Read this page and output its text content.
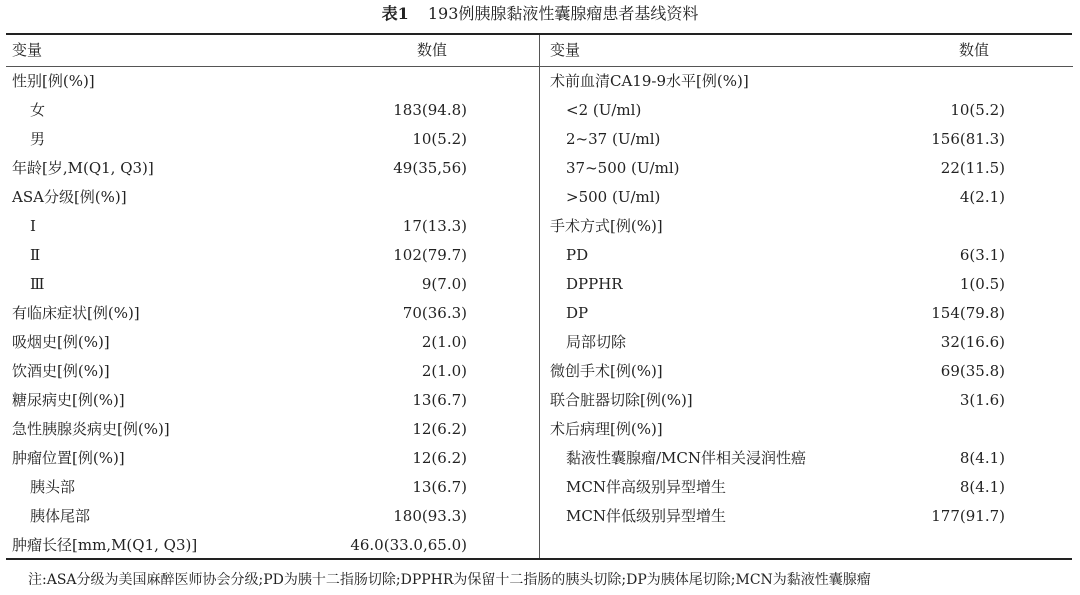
表1 193例胰腺黏液性囊腺瘤患者基线资料
变量	数值
性别[例(%)]
女	183(94.8)
男	10(5.2)
年龄[岁,M(Q1, Q3)]	49(35,56)
ASA分级[例(%)]
Ⅰ	17(13.3)
Ⅱ	102(79.7)
Ⅲ	9(7.0)
有临床症状[例(%)]	70(36.3)
吸烟史[例(%)]	2(1.0)
饮酒史[例(%)]	2(1.0)
糖尿病史[例(%)]	13(6.7)
急性胰腺炎病史[例(%)]	12(6.2)
肿瘤位置[例(%)]	12(6.2)
胰头部	13(6.7)
胰体尾部	180(93.3)
肿瘤长径[mm,M(Q1, Q3)]	46.0(33.0,65.0)
变量	数值
术前血清CA19-9水平[例(%)]
<2 (U/ml)	10(5.2)
2~37 (U/ml)	156(81.3)
37~500 (U/ml)	22(11.5)
>500 (U/ml)	4(2.1)
手术方式[例(%)]
PD	6(3.1)
DPPHR	1(0.5)
DP	154(79.8)
局部切除	32(16.6)
微创手术[例(%)]	69(35.8)
联合脏器切除[例(%)]	3(1.6)
术后病理[例(%)]
黏液性囊腺瘤/MCN伴相关浸润性癌	8(4.1)
MCN伴高级别异型增生	8(4.1)
MCN伴低级别异型增生	177(91.7)
注:ASA分级为美国麻醉医师协会分级;PD为胰十二指肠切除;DPPHR为保留十二指肠的胰头切除;DP为胰体尾切除;MCN为黏液性囊腺瘤
